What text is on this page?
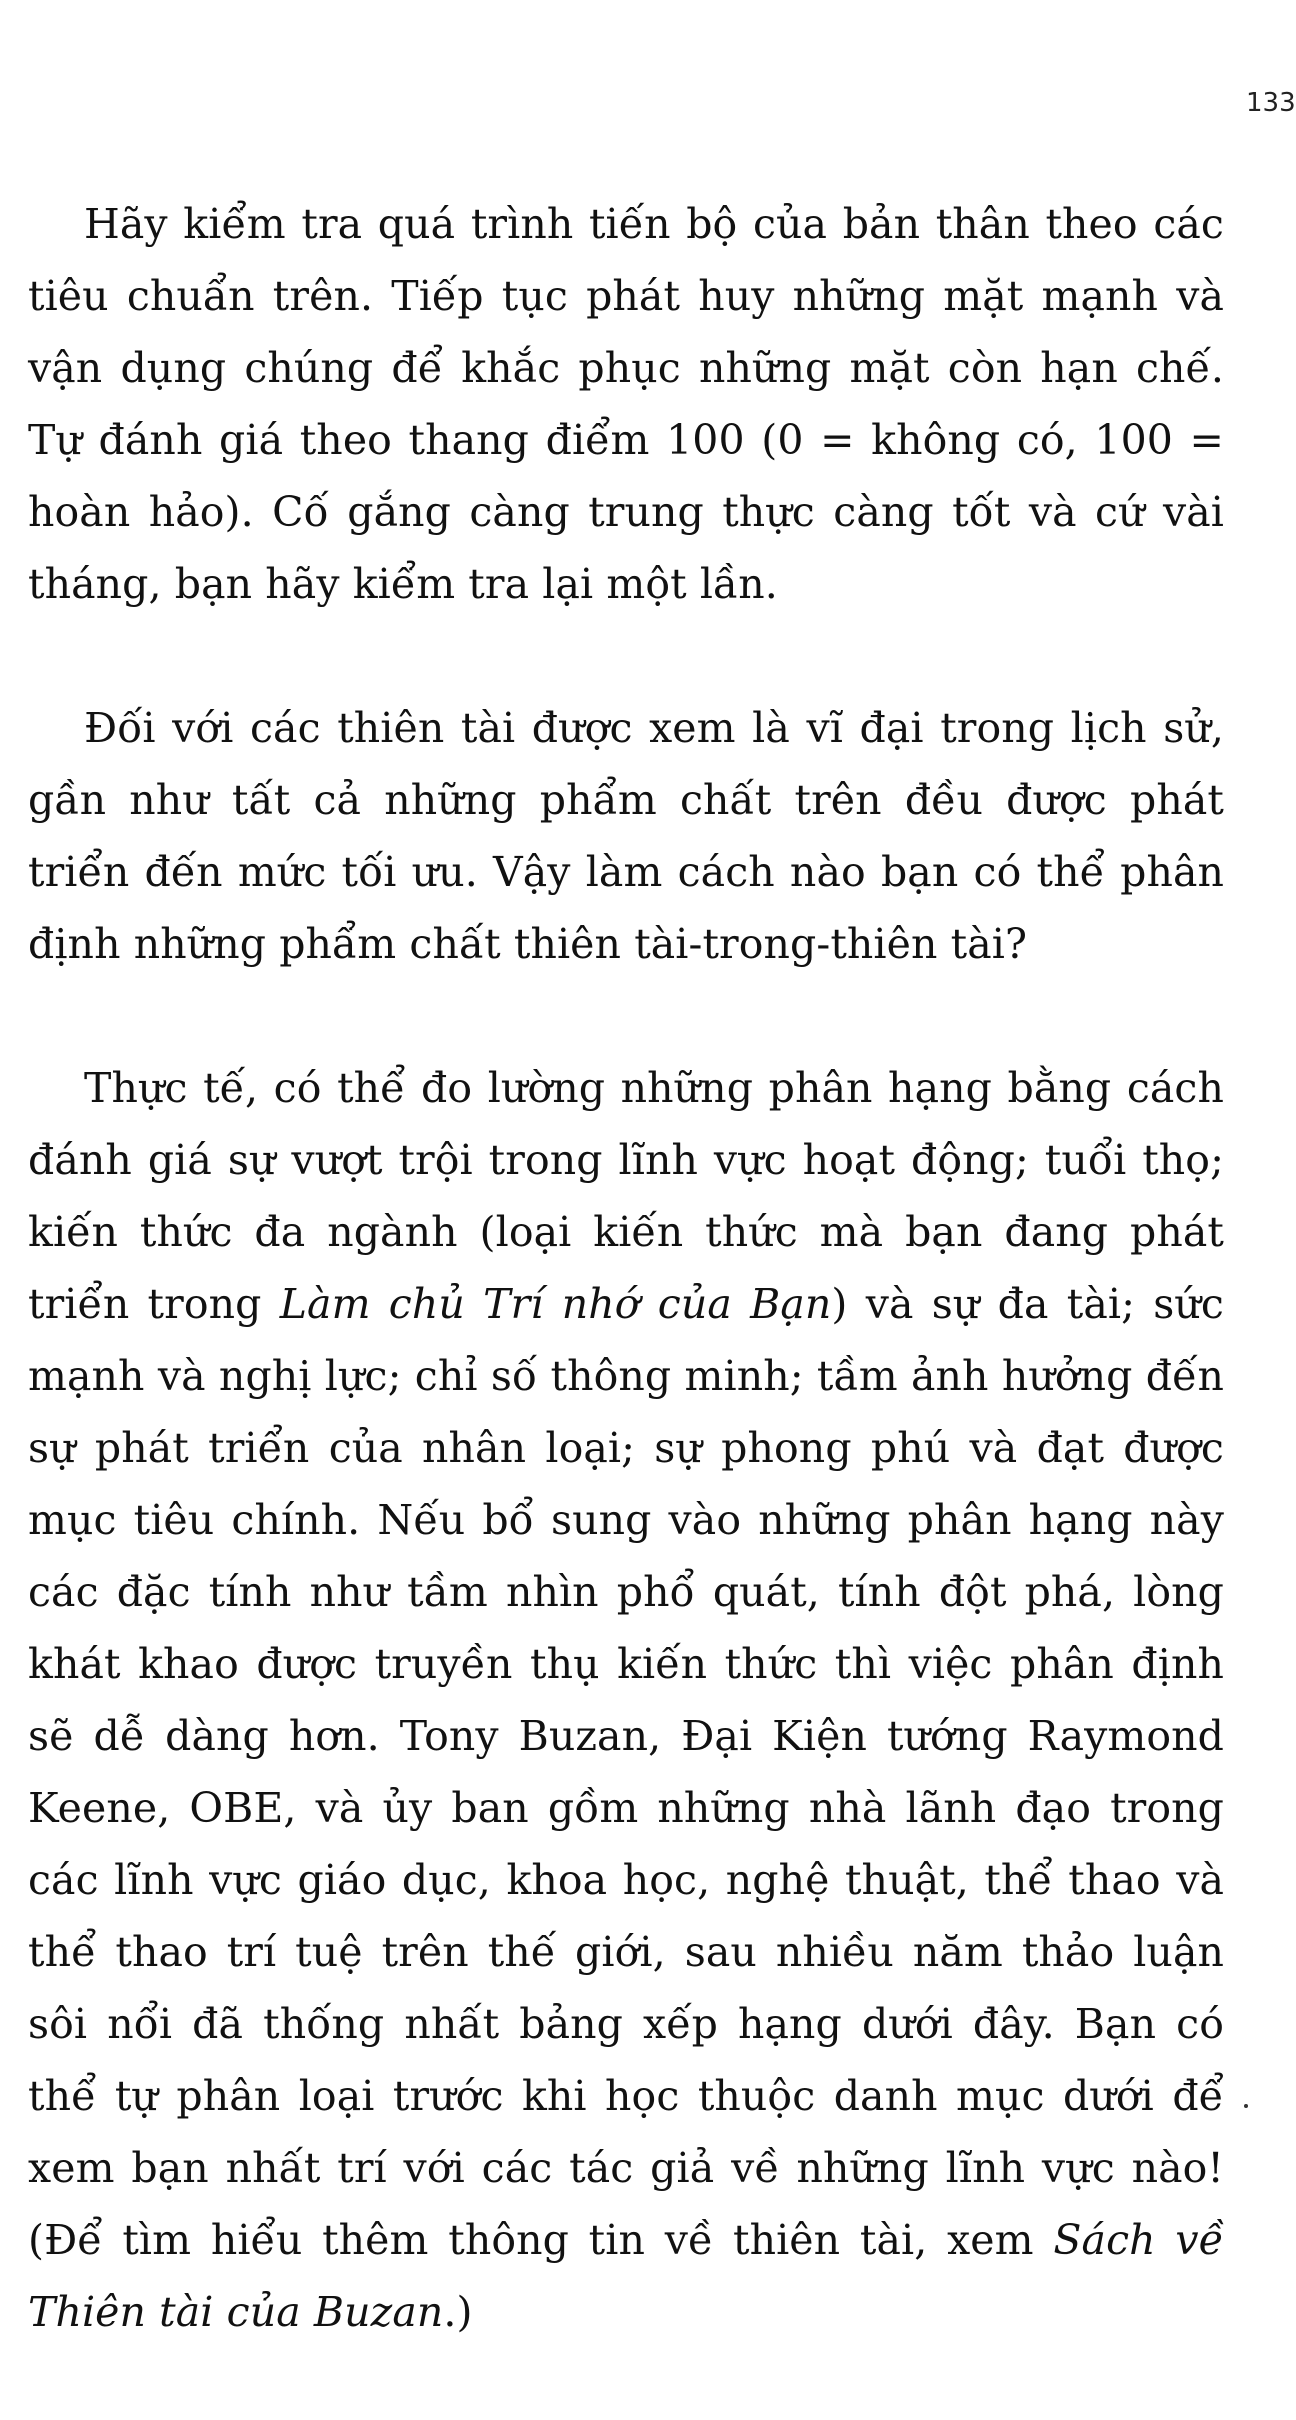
133

Hãy kiểm tra quá trình tiến bộ của bản thân theo các tiêu chuẩn trên. Tiếp tục phát huy những mặt mạnh và vận dụng chúng để khắc phục những mặt còn hạn chế. Tự đánh giá theo thang điểm 100 (0 = không có, 100 = hoàn hảo). Cố gắng càng trung thực càng tốt và cứ vài tháng, bạn hãy kiểm tra lại một lần.

Đối với các thiên tài được xem là vĩ đại trong lịch sử, gần như tất cả những phẩm chất trên đều được phát triển đến mức tối ưu. Vậy làm cách nào bạn có thể phân định những phẩm chất thiên tài-trong-thiên tài?

Thực tế, có thể đo lường những phân hạng bằng cách đánh giá sự vượt trội trong lĩnh vực hoạt động; tuổi thọ; kiến thức đa ngành (loại kiến thức mà bạn đang phát triển trong Làm chủ Trí nhớ của Bạn) và sự đa tài; sức mạnh và nghị lực; chỉ số thông minh; tầm ảnh hưởng đến sự phát triển của nhân loại; sự phong phú và đạt được mục tiêu chính. Nếu bổ sung vào những phân hạng này các đặc tính như tầm nhìn phổ quát, tính đột phá, lòng khát khao được truyền thụ kiến thức thì việc phân định sẽ dễ dàng hơn. Tony Buzan, Đại Kiện tướng Raymond Keene, OBE, và ủy ban gồm những nhà lãnh đạo trong các lĩnh vực giáo dục, khoa học, nghệ thuật, thể thao và thể thao trí tuệ trên thế giới, sau nhiều năm thảo luận sôi nổi đã thống nhất bảng xếp hạng dưới đây. Bạn có thể tự phân loại trước khi học thuộc danh mục dưới để xem bạn nhất trí với các tác giả về những lĩnh vực nào! (Để tìm hiểu thêm thông tin về thiên tài, xem Sách về Thiên tài của Buzan.)
